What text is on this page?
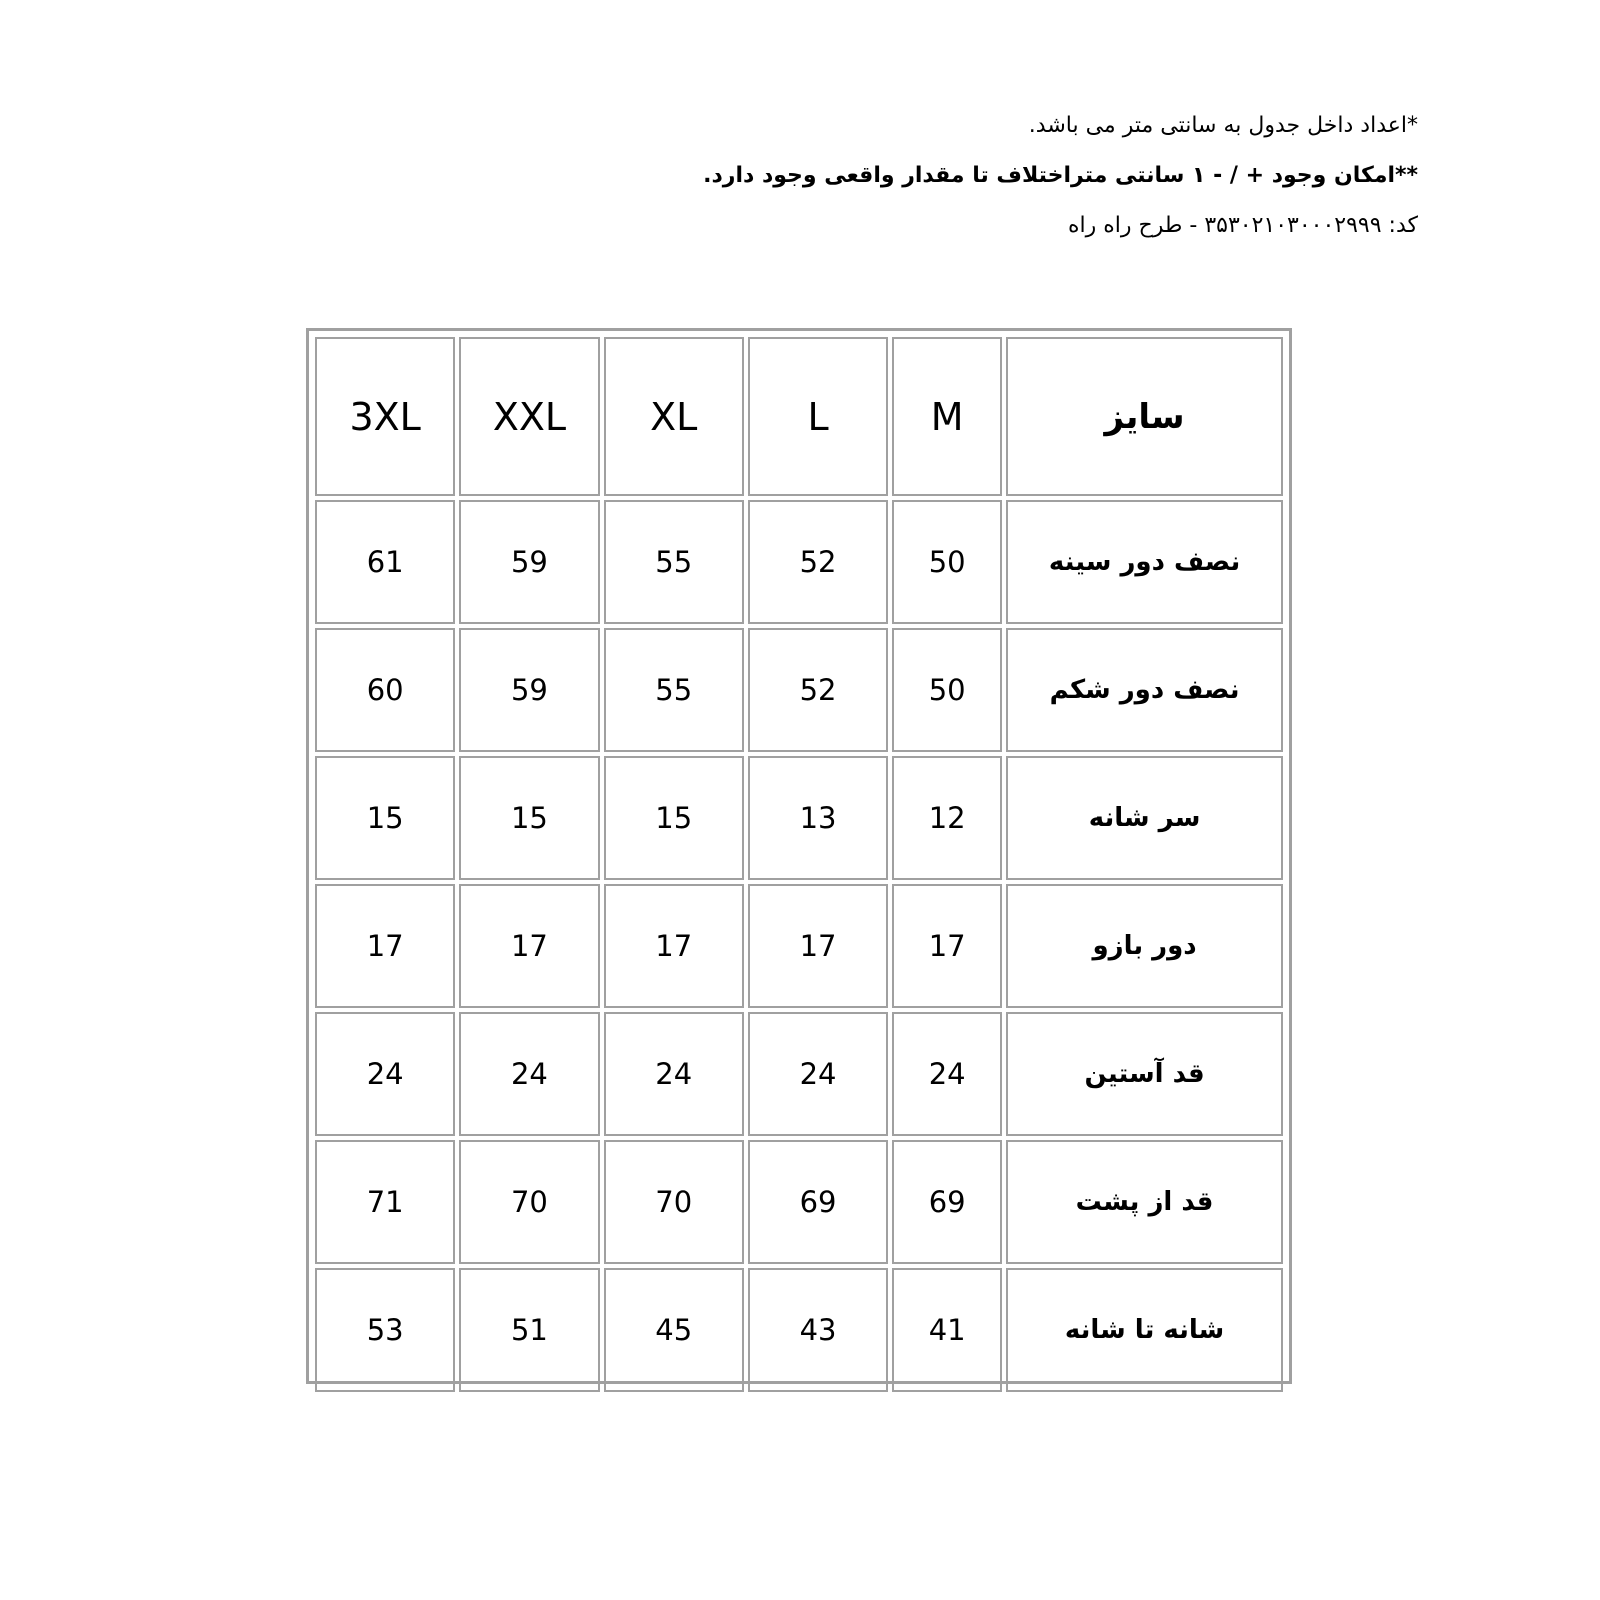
*اعداد داخل جدول به سانتی متر می باشد.
**امکان وجود + / - ۱ سانتی متراختلاف تا مقدار واقعی وجود دارد.
کد: ۳۵۳۰۲۱۰۳۰۰۰۲۹۹۹ - طرح راه راه
3XL	XXL	XL	L	M	سایز
61	59	55	52	50	نصف دور سینه
60	59	55	52	50	نصف دور شکم
15	15	15	13	12	سر شانه
17	17	17	17	17	دور بازو
24	24	24	24	24	قد آستین
71	70	70	69	69	قد از پشت
53	51	45	43	41	شانه تا شانه
